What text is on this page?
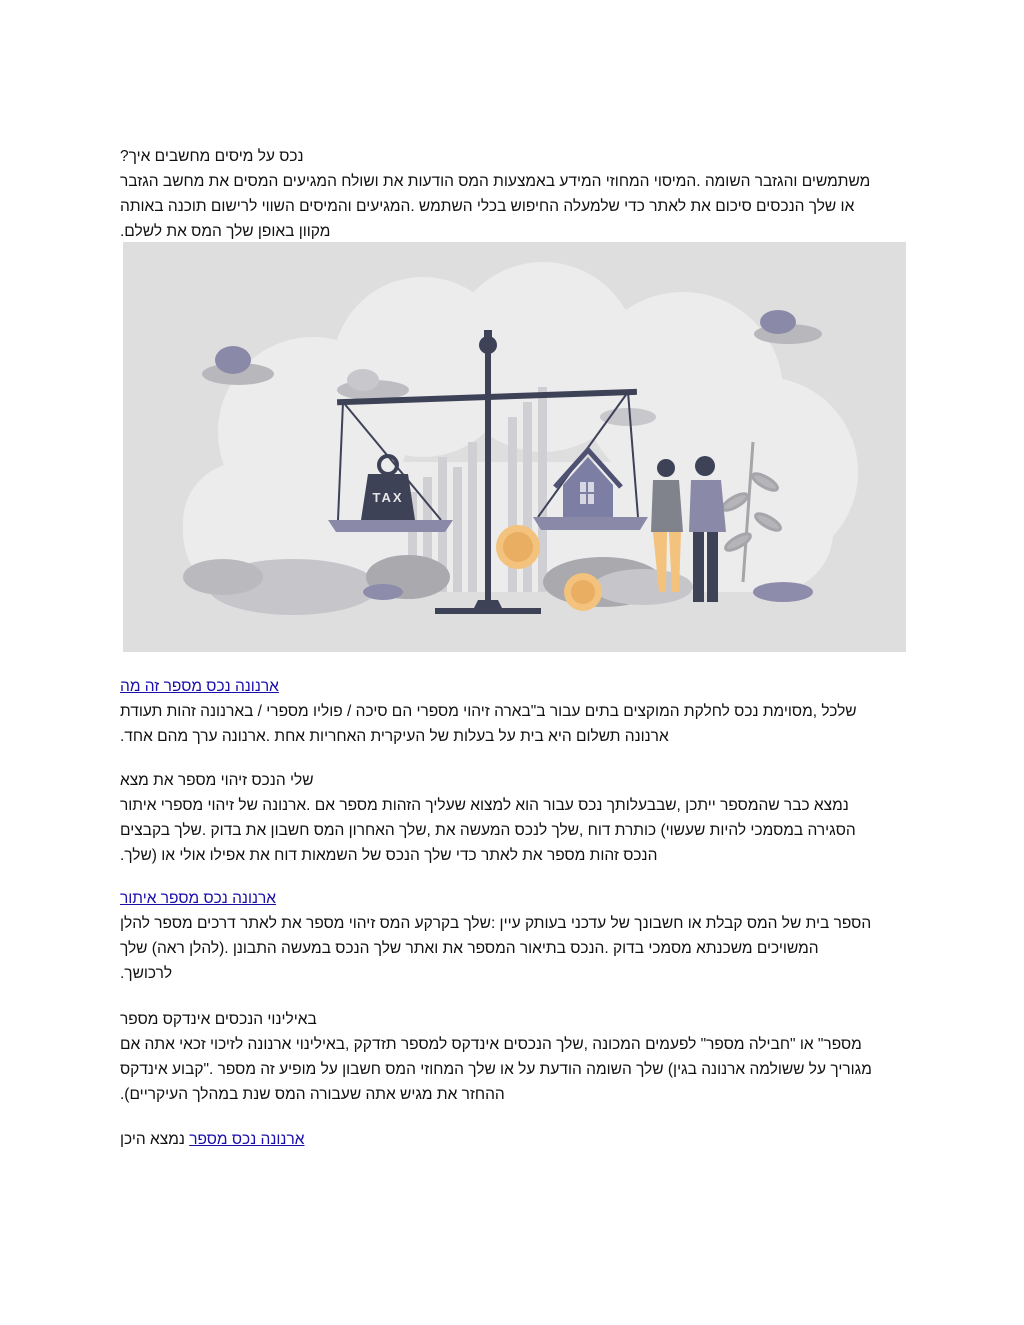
נכס על מיסים מחשבים איך?

משתמשים והגזבר השומה .המיסוי המחוזי המידע באמצעות המס הודעות את ושולח המגיעים המסים את מחשב הגזבר

או שלך הנכסים סיכום את לאתר כדי שלמעלה החיפוש בכלי השתמש .המגיעים והמיסים השווי לרישום תוכנה באותה

מקוון באופן שלך המס את לשלם.

TAX

ארנונה נכס מספר זה מה

שלכל ,מסוימת נכס לחלקת המוקצים בתים עבור ב"בארה זיהוי מספרי הם סיכה / פוליו מספרי / בארנונה זהות תעודת

ארנונה תשלום היא בית על בעלות של העיקרית האחריות אחת .ארנונה ערך מהם אחד.

שלי הנכס זיהוי מספר את מצא

נמצא כבר שהמספר ייתכן ,שבבעלותך נכס עבור הוא למצוא שעליך הזהות מספר אם .ארנונה של זיהוי מספרי איתור

הסגירה במסמכי להיות שעשוי) כותרת דוח ,שלך לנכס המעשה את ,שלך האחרון המס חשבון את בדוק .שלך בקבצים

הנכס זהות מספר את לאתר כדי שלך הנכס של השמאות דוח את אפילו אולי או (שלך.

ארנונה נכס מספר איתור

הספר בית של המס קבלת או חשבונך של עדכני בעותק עיין :שלך בקרקע המס זיהוי מספר את לאתר דרכים מספר להלן

המשויכים משכנתא מסמכי בדוק .הנכס בתיאור המספר את ואתר שלך הנכס במעשה התבונן .(להלן ראה) שלך

לרכושך.

באילינוי הנכסים אינדקס מספר

מספר" או "חבילה מספר" לפעמים המכונה ,שלך הנכסים אינדקס למספר תזדקק ,באילינוי ארנונה לזיכוי זכאי אתה אם

מגוריך על ששולמה ארנונה בגין) שלך השומה הודעת על או שלך המחוזי המס חשבון על מופיע זה מספר ."קבוע אינדקס

ההחזר את מגיש אתה שעבורה המס שנת במהלך העיקריים).

ארנונה נכס מספר נמצא היכן
